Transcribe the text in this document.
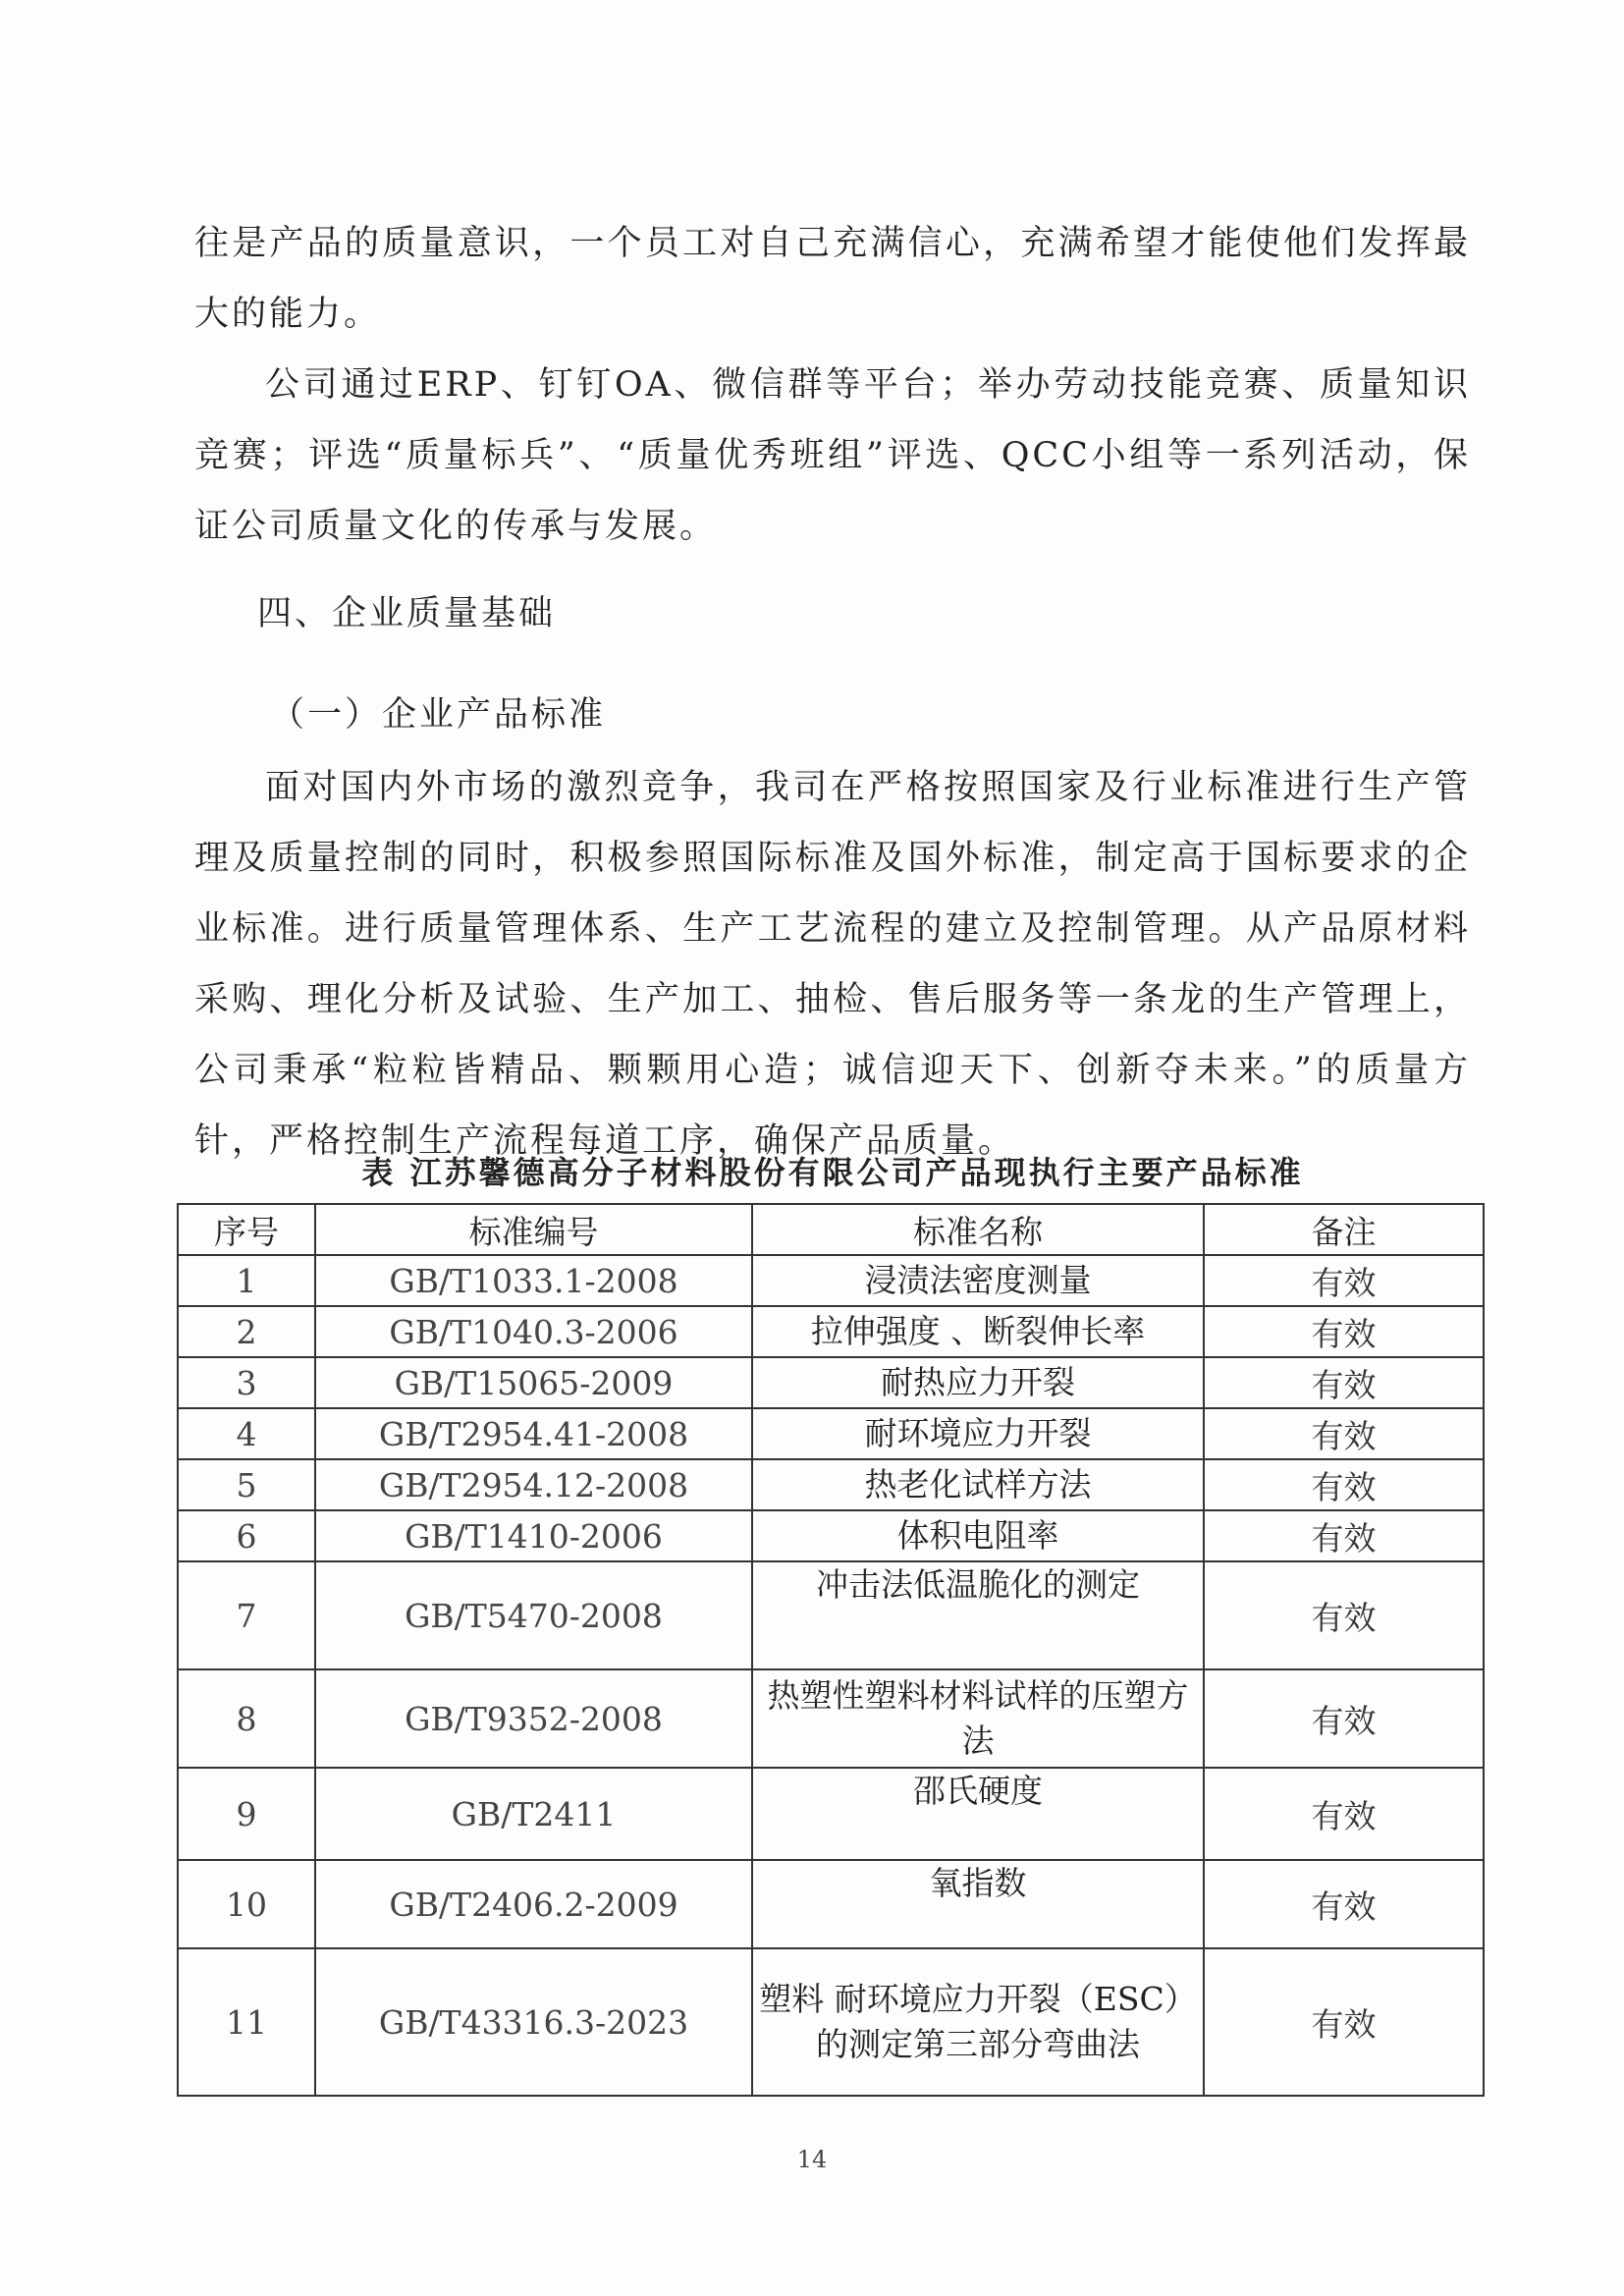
往是产品的质量意识，一个员工对自己充满信心，充满希望才能使他们发挥最大的能力。

公司通过ERP、钉钉OA、微信群等平台；举办劳动技能竞赛、质量知识竞赛；评选“质量标兵”、“质量优秀班组”评选、QCC小组等一系列活动，保证公司质量文化的传承与发展。

四、企业质量基础

（一）企业产品标准

面对国内外市场的激烈竞争，我司在严格按照国家及行业标准进行生产管理及质量控制的同时，积极参照国际标准及国外标准，制定高于国标要求的企业标准。进行质量管理体系、生产工艺流程的建立及控制管理。从产品原材料采购、理化分析及试验、生产加工、抽检、售后服务等一条龙的生产管理上，公司秉承“粒粒皆精品、颗颗用心造；诚信迎天下、创新夺未来。”的质量方针，严格控制生产流程每道工序，确保产品质量。

表 江苏馨德高分子材料股份有限公司产品现执行主要产品标准
序号	标准编号	标准名称	备注
1	GB/T1033.1-2008	浸渍法密度测量	有效
2	GB/T1040.3-2006	拉伸强度 、断裂伸长率	有效
3	GB/T15065-2009	耐热应力开裂	有效
4	GB/T2954.41-2008	耐环境应力开裂	有效
5	GB/T2954.12-2008	热老化试样方法	有效
6	GB/T1410-2006	体积电阻率	有效
7	GB/T5470-2008	冲击法低温脆化的测定	有效
8	GB/T9352-2008	热塑性塑料材料试样的压塑方法	有效
9	GB/T2411	邵氏硬度	有效
10	GB/T2406.2-2009	氧指数	有效
11	GB/T43316.3-2023	塑料 耐环境应力开裂（ESC）的测定第三部分弯曲法	有效
14
